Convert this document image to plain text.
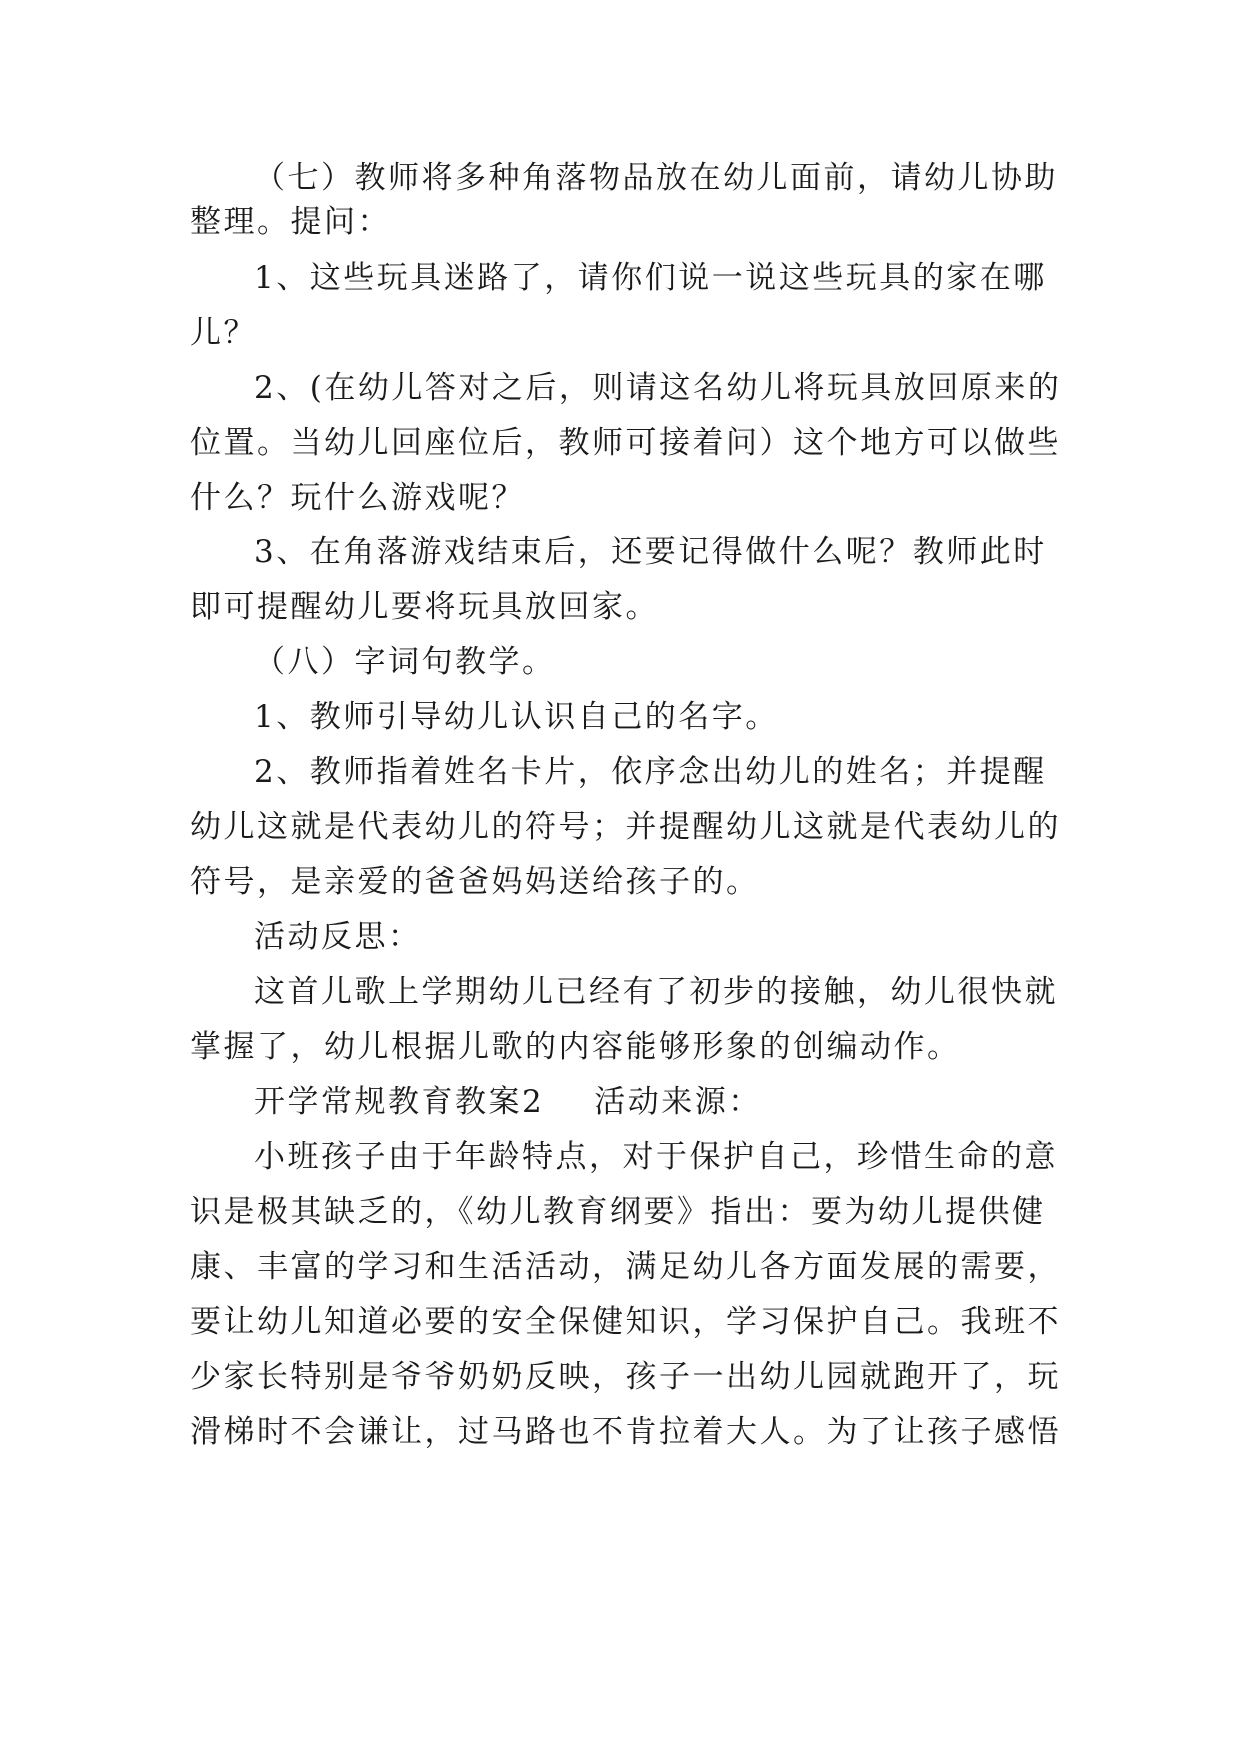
（七）教师将多种角落物品放在幼儿面前，请幼儿协助
整理。提问：
1、这些玩具迷路了，请你们说一说这些玩具的家在哪
儿？
2、(在幼儿答对之后，则请这名幼儿将玩具放回原来的
位置。当幼儿回座位后，教师可接着问）这个地方可以做些
什么？玩什么游戏呢？
3、在角落游戏结束后，还要记得做什么呢？教师此时
即可提醒幼儿要将玩具放回家。
（八）字词句教学。
1、教师引导幼儿认识自己的名字。
2、教师指着姓名卡片，依序念出幼儿的姓名；并提醒
幼儿这就是代表幼儿的符号；并提醒幼儿这就是代表幼儿的
符号，是亲爱的爸爸妈妈送给孩子的。
活动反思：
这首儿歌上学期幼儿已经有了初步的接触，幼儿很快就
掌握了，幼儿根据儿歌的内容能够形象的创编动作。
开学常规教育教案2 活动来源：
小班孩子由于年龄特点，对于保护自己，珍惜生命的意
识是极其缺乏的，《幼儿教育纲要》指出：要为幼儿提供健
康、丰富的学习和生活活动，满足幼儿各方面发展的需要，
要让幼儿知道必要的安全保健知识，学习保护自己。我班不
少家长特别是爷爷奶奶反映，孩子一出幼儿园就跑开了，玩
滑梯时不会谦让，过马路也不肯拉着大人。为了让孩子感悟
